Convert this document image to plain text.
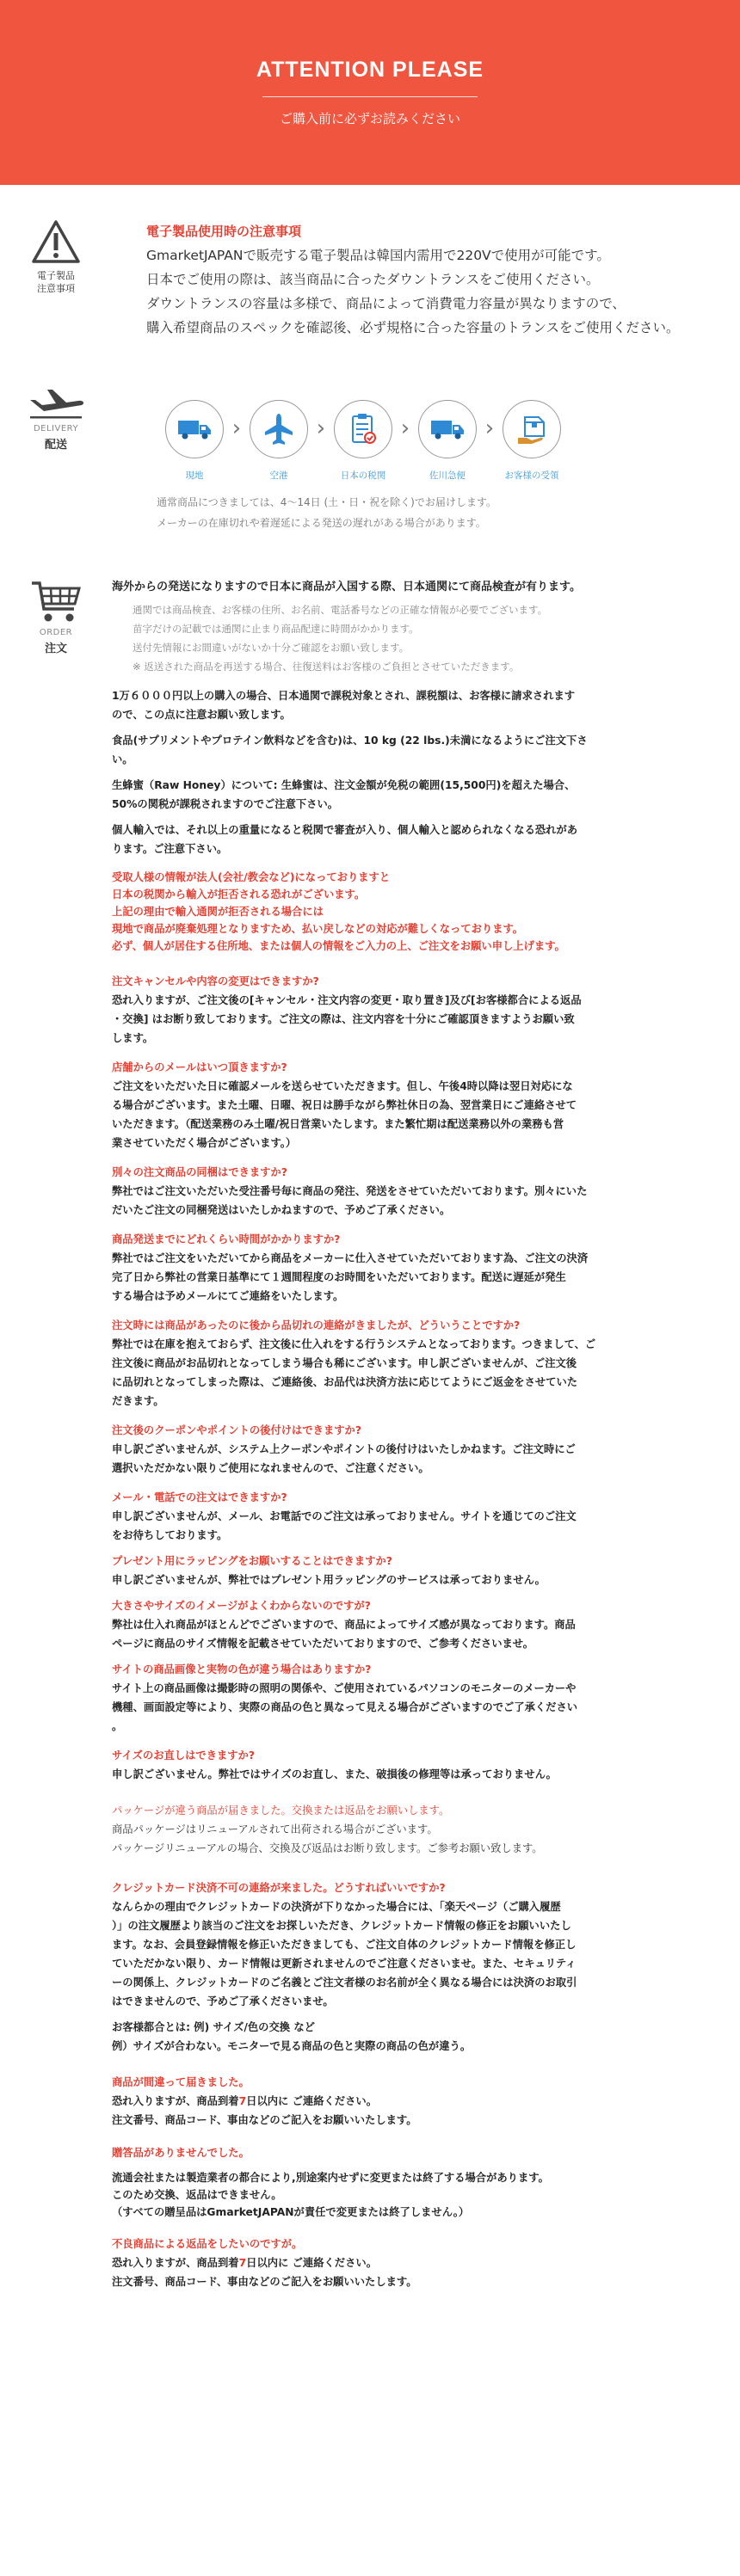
ATTENTION PLEASE
ご購入前に必ずお読みください
電子製品
注意事項
電子製品使用時の注意事項
GmarketJAPANで販売する電子製品は韓国内需用で220Vで使用が可能です。
日本でご使用の際は、該当商品に合ったダウントランスをご使用ください。
ダウントランスの容量は多様で、商品によって消費電力容量が異なりますので、
購入希望商品のスペックを確認後、必ず規格に合った容量のトランスをご使用ください。
DELIVERY
配送
現地
›
空港
›
日本の税関
›
佐川急便
›
お客様の受領
通常商品につきましては、4～14日 (土・日・祝を除く)でお届けします。
メーカーの在庫切れや着遅延による発送の遅れがある場合があります。
ORDER
注文

海外からの発送になりますので日本に商品が入国する際、日本通関にて商品検査が有ります。

通関では商品検査、お客様の住所、お名前、電話番号などの正確な情報が必要でございます。

苗字だけの記載では通関に止まり商品配達に時間がかかります。

送付先情報にお間違いがないか十分ご確認をお願い致します。

※ 返送された商品を再送する場合、往復送料はお客様のご負担とさせていただきます。

1万６０００円以上の購入の場合、日本通関で課税対象とされ、課税額は、お客様に請求されます

ので、この点に注意お願い致します。

食品(サプリメントやプロテイン飲料などを含む)は、10 kg (22 lbs.)未満になるようにご注文下さ

い。

生蜂蜜（Raw Honey）について: 生蜂蜜は、注文金額が免税の範囲(15,500円)を超えた場合、

50%の関税が課税されますのでご注意下さい。

個人輸入では、それ以上の重量になると税関で審査が入り、個人輸入と認められなくなる恐れがあ

ります。ご注意下さい。

受取人様の情報が法人(会社/教会など)になっておりますと

日本の税関から輸入が拒否される恐れがございます。

上記の理由で輸入通関が拒否される場合には

現地で商品が廃棄処理となりますため、払い戻しなどの対応が難しくなっております。

必ず、個人が居住する住所地、または個人の情報をご入力の上、ご注文をお願い申し上げます。

注文キャンセルや内容の変更はできますか?

恐れ入りますが、ご注文後の[キャンセル・注文内容の変更・取り置き]及び[お客様都合による返品

・交換] はお断り致しております。ご注文の際は、注文内容を十分にご確認頂きますようお願い致

します。

店舗からのメールはいつ頂きますか?

ご注文をいただいた日に確認メールを送らせていただきます。但し、午後4時以降は翌日対応にな

る場合がございます。また土曜、日曜、祝日は勝手ながら弊社休日の為、翌営業日にご連絡させて

いただきます。（配送業務のみ土曜/祝日営業いたします。また繁忙期は配送業務以外の業務も営

業させていただく場合がございます。）

別々の注文商品の同梱はできますか?

弊社ではご注文いただいた受注番号毎に商品の発注、発送をさせていただいております。別々にいた

だいたご注文の同梱発送はいたしかねますので、予めご了承ください。

商品発送までにどれくらい時間がかかりますか?

弊社ではご注文をいただいてから商品をメーカーに仕入させていただいております為、ご注文の決済

完了日から弊社の営業日基準にて１週間程度のお時間をいただいております。配送に遅延が発生

する場合は予めメールにてご連絡をいたします。

注文時には商品があったのに後から品切れの連絡がきましたが、どういうことですか?

弊社では在庫を抱えておらず、注文後に仕入れをする行うシステムとなっております。つきまして、ご

注文後に商品がお品切れとなってしまう場合も稀にございます。申し訳ございませんが、ご注文後

に品切れとなってしまった際は、ご連絡後、お品代は決済方法に応じてようにご返金をさせていた

だきます。

注文後のクーポンやポイントの後付けはできますか?

申し訳ございませんが、システム上クーポンやポイントの後付けはいたしかねます。ご注文時にご

選択いただかない限りご使用になれませんので、ご注意ください。

メール・電話での注文はできますか?

申し訳ございませんが、メール、お電話でのご注文は承っておりません。サイトを通じてのご注文

をお待ちしております。

プレゼント用にラッピングをお願いすることはできますか?

申し訳ございませんが、弊社ではプレゼント用ラッピングのサービスは承っておりません。

大きさやサイズのイメージがよくわからないのですが?

弊社は仕入れ商品がほとんどでございますので、商品によってサイズ感が異なっております。商品

ページに商品のサイズ情報を記載させていただいておりますので、ご参考くださいませ。

サイトの商品画像と実物の色が違う場合はありますか?

サイト上の商品画像は撮影時の照明の関係や、ご使用されているパソコンのモニターのメーカーや

機種、画面設定等により、実際の商品の色と異なって見える場合がございますのでご了承ください

。

サイズのお直しはできますか?

申し訳ございません。弊社ではサイズのお直し、また、破損後の修理等は承っておりません。

パッケージが違う商品が届きました。交換または返品をお願いします。

商品パッケージはリニューアルされて出荷される場合がございます。

パッケージリニューアルの場合、交換及び返品はお断り致します。ご参考お願い致します。

クレジットカード決済不可の連絡が来ました。どうすればいいですか?

なんらかの理由でクレジットカードの決済が下りなかった場合には、「楽天ページ（ご購入履歴

）」の注文履歴より該当のご注文をお探しいただき、クレジットカード情報の修正をお願いいたし

ます。なお、会員登録情報を修正いただきましても、ご注文自体のクレジットカード情報を修正し

ていただかない限り、カード情報は更新されませんのでご注意くださいませ。また、セキュリティ

ーの関係上、クレジットカードのご名義とご注文者様のお名前が全く異なる場合には決済のお取引

はできませんので、予めご了承くださいませ。

お客様都合とは: 例) サイズ/色の交換 など

例）サイズが合わない。モニターで見る商品の色と実際の商品の色が違う。

商品が間違って届きました。

恐れ入りますが、商品到着7日以内に ご連絡ください。

注文番号、商品コード、事由などのご記入をお願いいたします。

贈答品がありませんでした。

流通会社または製造業者の都合により,別途案内せずに変更または終了する場合があります。

このため交換、返品はできません。

（すべての贈呈品はGmarketJAPANが責任で変更または終了しません。）

不良商品による返品をしたいのですが。

恐れ入りますが、商品到着7日以内に ご連絡ください。

注文番号、商品コード、事由などのご記入をお願いいたします。
